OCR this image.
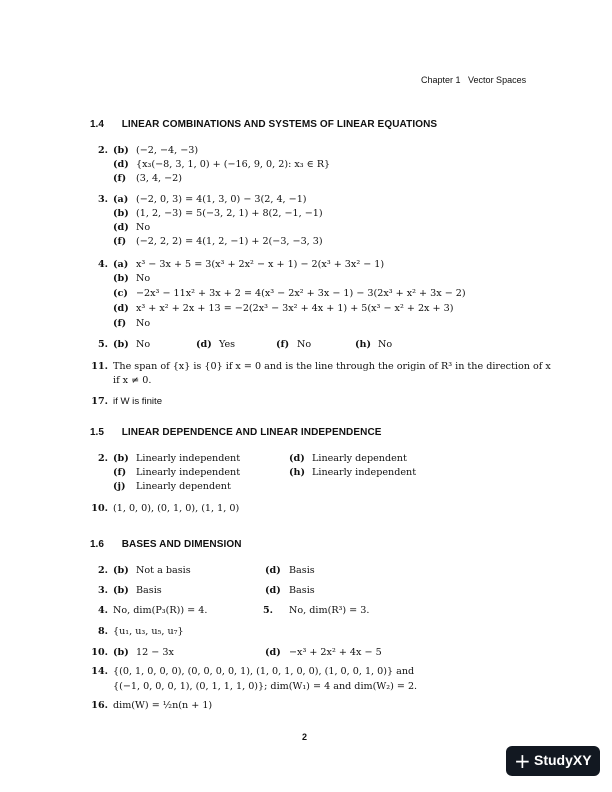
Chapter 1 Vector Spaces
1.4 LINEAR COMBINATIONS AND SYSTEMS OF LINEAR EQUATIONS
2. (b) (−2, −4, −3)
(d) {x₃(−8, 3, 1, 0) + (−16, 9, 0, 2): x₃ ∈ R}
(f) (3, 4, −2)
3. (a) (−2, 0, 3) = 4(1, 3, 0) − 3(2, 4, −1)
(b) (1, 2, −3) = 5(−3, 2, 1) + 8(2, −1, −1)
(d) No
(f) (−2, 2, 2) = 4(1, 2, −1) + 2(−3, −3, 3)
4. (a) x³ − 3x + 5 = 3(x³ + 2x² − x + 1) − 2(x³ + 3x² − 1)
(b) No
(c) −2x³ − 11x² + 3x + 2 = 4(x³ − 2x² + 3x − 1) − 3(2x³ + x² + 3x − 2)
(d) x³ + x² + 2x + 13 = −2(2x³ − 3x² + 4x + 1) + 5(x³ − x² + 2x + 3)
(f) No
5. (b) No	(d) Yes	(f) No	(h) No
11. The span of {x} is {0} if x = 0 and is the line through the origin of R³ in the direction of x
if x ≠ 0.
17. if W is finite
1.5 LINEAR DEPENDENCE AND LINEAR INDEPENDENCE
2. (b) Linearly independent	(d) Linearly dependent
(f) Linearly independent	(h) Linearly independent
(j) Linearly dependent
10. (1, 0, 0), (0, 1, 0), (1, 1, 0)
1.6 BASES AND DIMENSION
2. (b) Not a basis	(d) Basis
3. (b) Basis	(d) Basis
4. No, dim(P₃(R)) = 4.	5. No, dim(R³) = 3.
8. {u₁, u₃, u₅, u₇}
10. (b) 12 − 3x	(d) −x³ + 2x² + 4x − 5
14. {(0, 1, 0, 0, 0), (0, 0, 0, 0, 1), (1, 0, 1, 0, 0), (1, 0, 0, 1, 0)} and
{(−1, 0, 0, 0, 1), (0, 1, 1, 1, 0)}; dim(W₁) = 4 and dim(W₂) = 2.
16. dim(W) = ½n(n + 1)
2
+ StudyXY
